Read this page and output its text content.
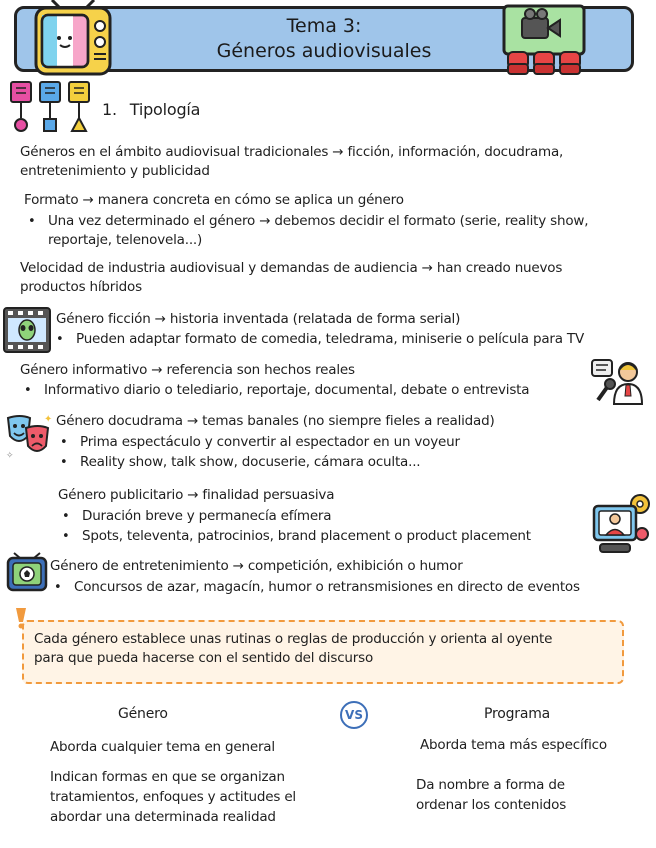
Tema 3:
Géneros audiovisuales
1. Tipología
Géneros en el ámbito audiovisual tradicionales → ficción, información, docudrama,
entretenimiento y publicidad
Formato → manera concreta en cómo se aplica un género
• Una vez determinado el género → debemos decidir el formato (serie, reality show,
reportaje, telenovela...)
Velocidad de industria audiovisual y demandas de audiencia → han creado nuevos
productos híbridos
Género ficción → historia inventada (relatada de forma serial)
• Pueden adaptar formato de comedia, teledrama, miniserie o película para TV
Género informativo → referencia son hechos reales
• Informativo diario o telediario, reportaje, documental, debate o entrevista
✦
✧
Género docudrama → temas banales (no siempre fieles a realidad)
• Prima espectáculo y convertir al espectador en un voyeur
• Reality show, talk show, docuserie, cámara oculta...
Género publicitario → finalidad persuasiva
• Duración breve y permanecía efímera
• Spots, televenta, patrocinios, brand placement o product placement
Género de entretenimiento → competición, exhibición o humor
• Concursos de azar, magacín, humor o retransmisiones en directo de eventos
Cada género establece unas rutinas o reglas de producción y orienta al oyente
para que pueda hacerse con el sentido del discurso
Género	VS	Programa
Aborda cualquier tema en general
Indican formas en que se organizan
tratamientos, enfoques y actitudes el
abordar una determinada realidad
Aborda tema más específico
Da nombre a forma de
ordenar los contenidos
